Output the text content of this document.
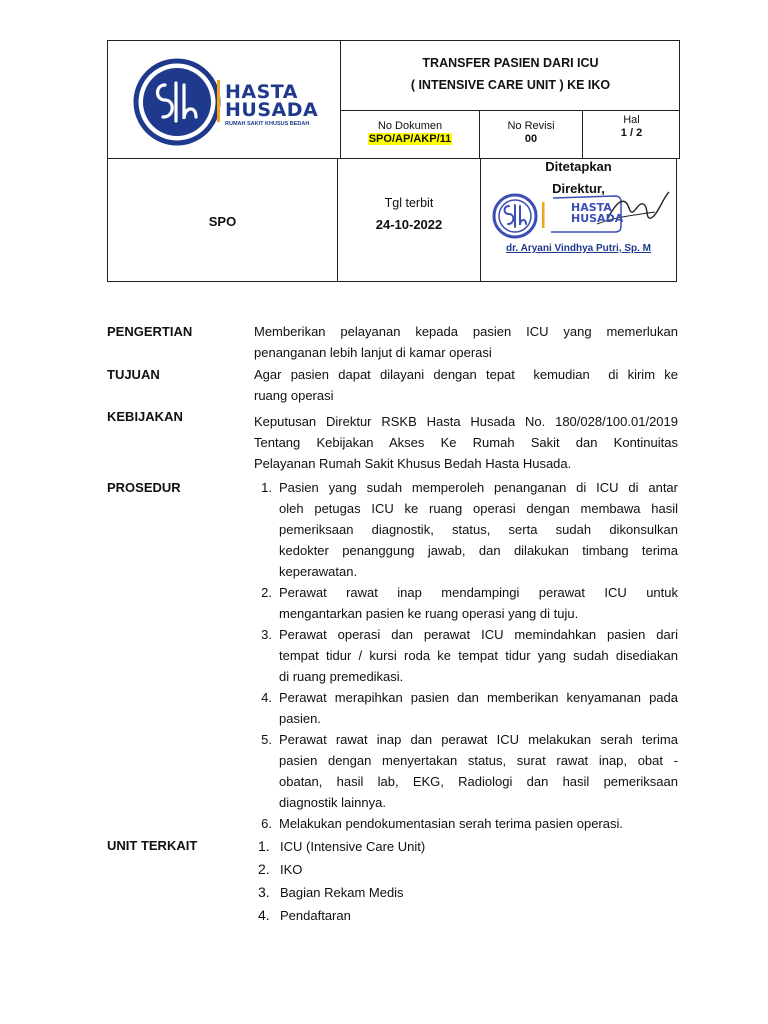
HASTA
HUSADA
RUMAH SAKIT KHUSUS BEDAH
TRANSFER PASIEN DARI ICU
( INTENSIVE CARE UNIT ) KE IKO
No Dokumen
SPO/AP/AKP/11
No Revisi
00
Hal
1 / 2
SPO
Tgl terbit
24-10-2022
Ditetapkan
Direktur,
HASTA
HUSADA
dr. Aryani Vindhya Putri, Sp. M
PENGERTIAN	Memberikan pelayanan kepada pasien ICU yang memerlukan
penanganan lebih lanjut di kamar operasi
TUJUAN	Agar pasien dapat dilayani dengan tepat  kemudian  di kirim ke
ruang operasi
KEBIJAKAN	Keputusan Direktur RSKB Hasta Husada No. 180/028/100.01/2019
Tentang Kebijakan Akses Ke Rumah Sakit dan Kontinuitas
Pelayanan Rumah Sakit Khusus Bedah Hasta Husada.
PROSEDUR	1. Pasien yang sudah memperoleh penanganan di ICU di antar
oleh petugas ICU ke ruang operasi dengan membawa hasil
pemeriksaan diagnostik, status, serta sudah dikonsulkan
kedokter penanggung jawab, dan dilakukan timbang terima
keperawatan.
2. Perawat rawat inap mendampingi perawat ICU untuk
mengantarkan pasien ke ruang operasi yang di tuju.
3. Perawat operasi dan perawat ICU memindahkan pasien dari
tempat tidur / kursi roda ke tempat tidur yang sudah disediakan
di ruang premedikasi.
4. Perawat merapihkan pasien dan memberikan kenyamanan pada
pasien.
5. Perawat rawat inap dan perawat ICU melakukan serah terima
pasien dengan menyertakan status, surat rawat inap, obat -
obatan, hasil lab, EKG, Radiologi dan hasil pemeriksaan
diagnostik lainnya.
6. Melakukan pendokumentasian serah terima pasien operasi.
UNIT TERKAIT	1. ICU (Intensive Care Unit)
2. IKO
3. Bagian Rekam Medis
4. Pendaftaran
